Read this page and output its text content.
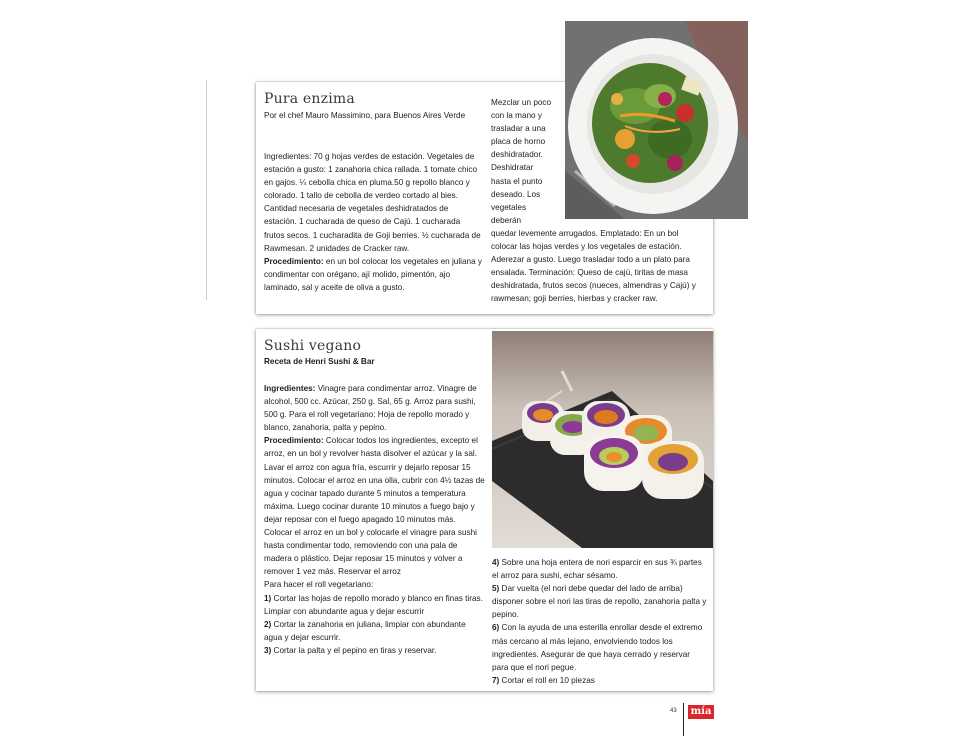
Pura enzima

Por el chef Mauro Massimino, para Buenos Aires Verde

Ingredientes: 70 g hojas verdes de estación. Vegetales de estación a gusto: 1 zanahoria chica rallada. 1 tomate chico en gajos. ¼ cebolla chica en pluma.50 g repollo blanco y colorado. 1 tallo de cebolla de verdeo cortado al bies. Cantidad necesaria de vegetales deshidratados de estación. 1 cucharada de queso de Cajú. 1 cucharada frutos secos. 1 cucharadita de Goji berries. ½ cucharada de Rawmesan. 2 unidades de Cracker raw.

Procedimiento: en un bol colocar los vegetales en juliana y condimentar con orégano, ají molido, pimentón, ajo laminado, sal y aceite de oliva a gusto.

Mezclar un poco

con la mano y

trasladar a una

placa de horno

deshidratador.

Deshidratar

hasta el punto

deseado. Los

vegetales

deberán

quedar levemente arrugados. Emplatado: En un bol colocar las hojas verdes y los vegetales de estación. Aderezar a gusto. Luego trasladar todo a un plato para ensalada. Terminación: Queso de cajú, tiritas de masa deshidratada, frutos secos (nueces, almendras y Cajú) y rawmesan; goji berries, hierbas y cracker raw.

Sushi vegano

Receta de Henri Sushi & Bar

Ingredientes: Vinagre para condimentar arroz. Vinagre de alcohol, 500 cc. Azúcar, 250 g. Sal, 65 g. Arroz para sushi, 500 g. Para el roll vegetariano: Hoja de repollo morado y blanco, zanahoria, palta y pepino.

Procedimiento: Colocar todos los ingredientes, excepto el arroz, en un bol y revolver hasta disolver el azúcar y la sal.

Lavar el arroz con agua fría, escurrir y dejarlo reposar 15 minutos. Colocar el arroz en una olla, cubrir con 4½ tazas de agua y cocinar tapado durante 5 minutos a temperatura máxima. Luego cocinar durante 10 minutos a fuego bajo y dejar reposar con el fuego apagado 10 minutos más.

Colocar el arroz en un bol y colocarle el vinagre para sushi hasta condimentar todo, removiendo con una pala de madera o plástico. Dejar reposar 15 minutos y volver a remover 1 vez más. Reservar el arroz

Para hacer el roll vegetariano:

1) Cortar las hojas de repollo morado y blanco en finas tiras. Limpiar con abundante agua y dejar escurrir

2) Cortar la zanahoria en juliana, limpiar con abundante agua y dejar escurrir.

3) Cortar la palta y el pepino en tiras y reservar.

4) Sobre una hoja entera de nori esparcir en sus ¾ partes el arroz para sushi, echar sésamo.

5) Dar vuelta (el nori debe quedar del lado de arriba) disponer sobre el nori las tiras de repollo, zanahoria palta y pepino.

6) Con la ayuda de una esterilla enrollar desde el extremo más cercano al más lejano, envolviendo todos los ingredientes. Asegurar de que haya cerrado y reservar para que el nori pegue.

7) Cortar el roll en 10 piezas

43 mía
